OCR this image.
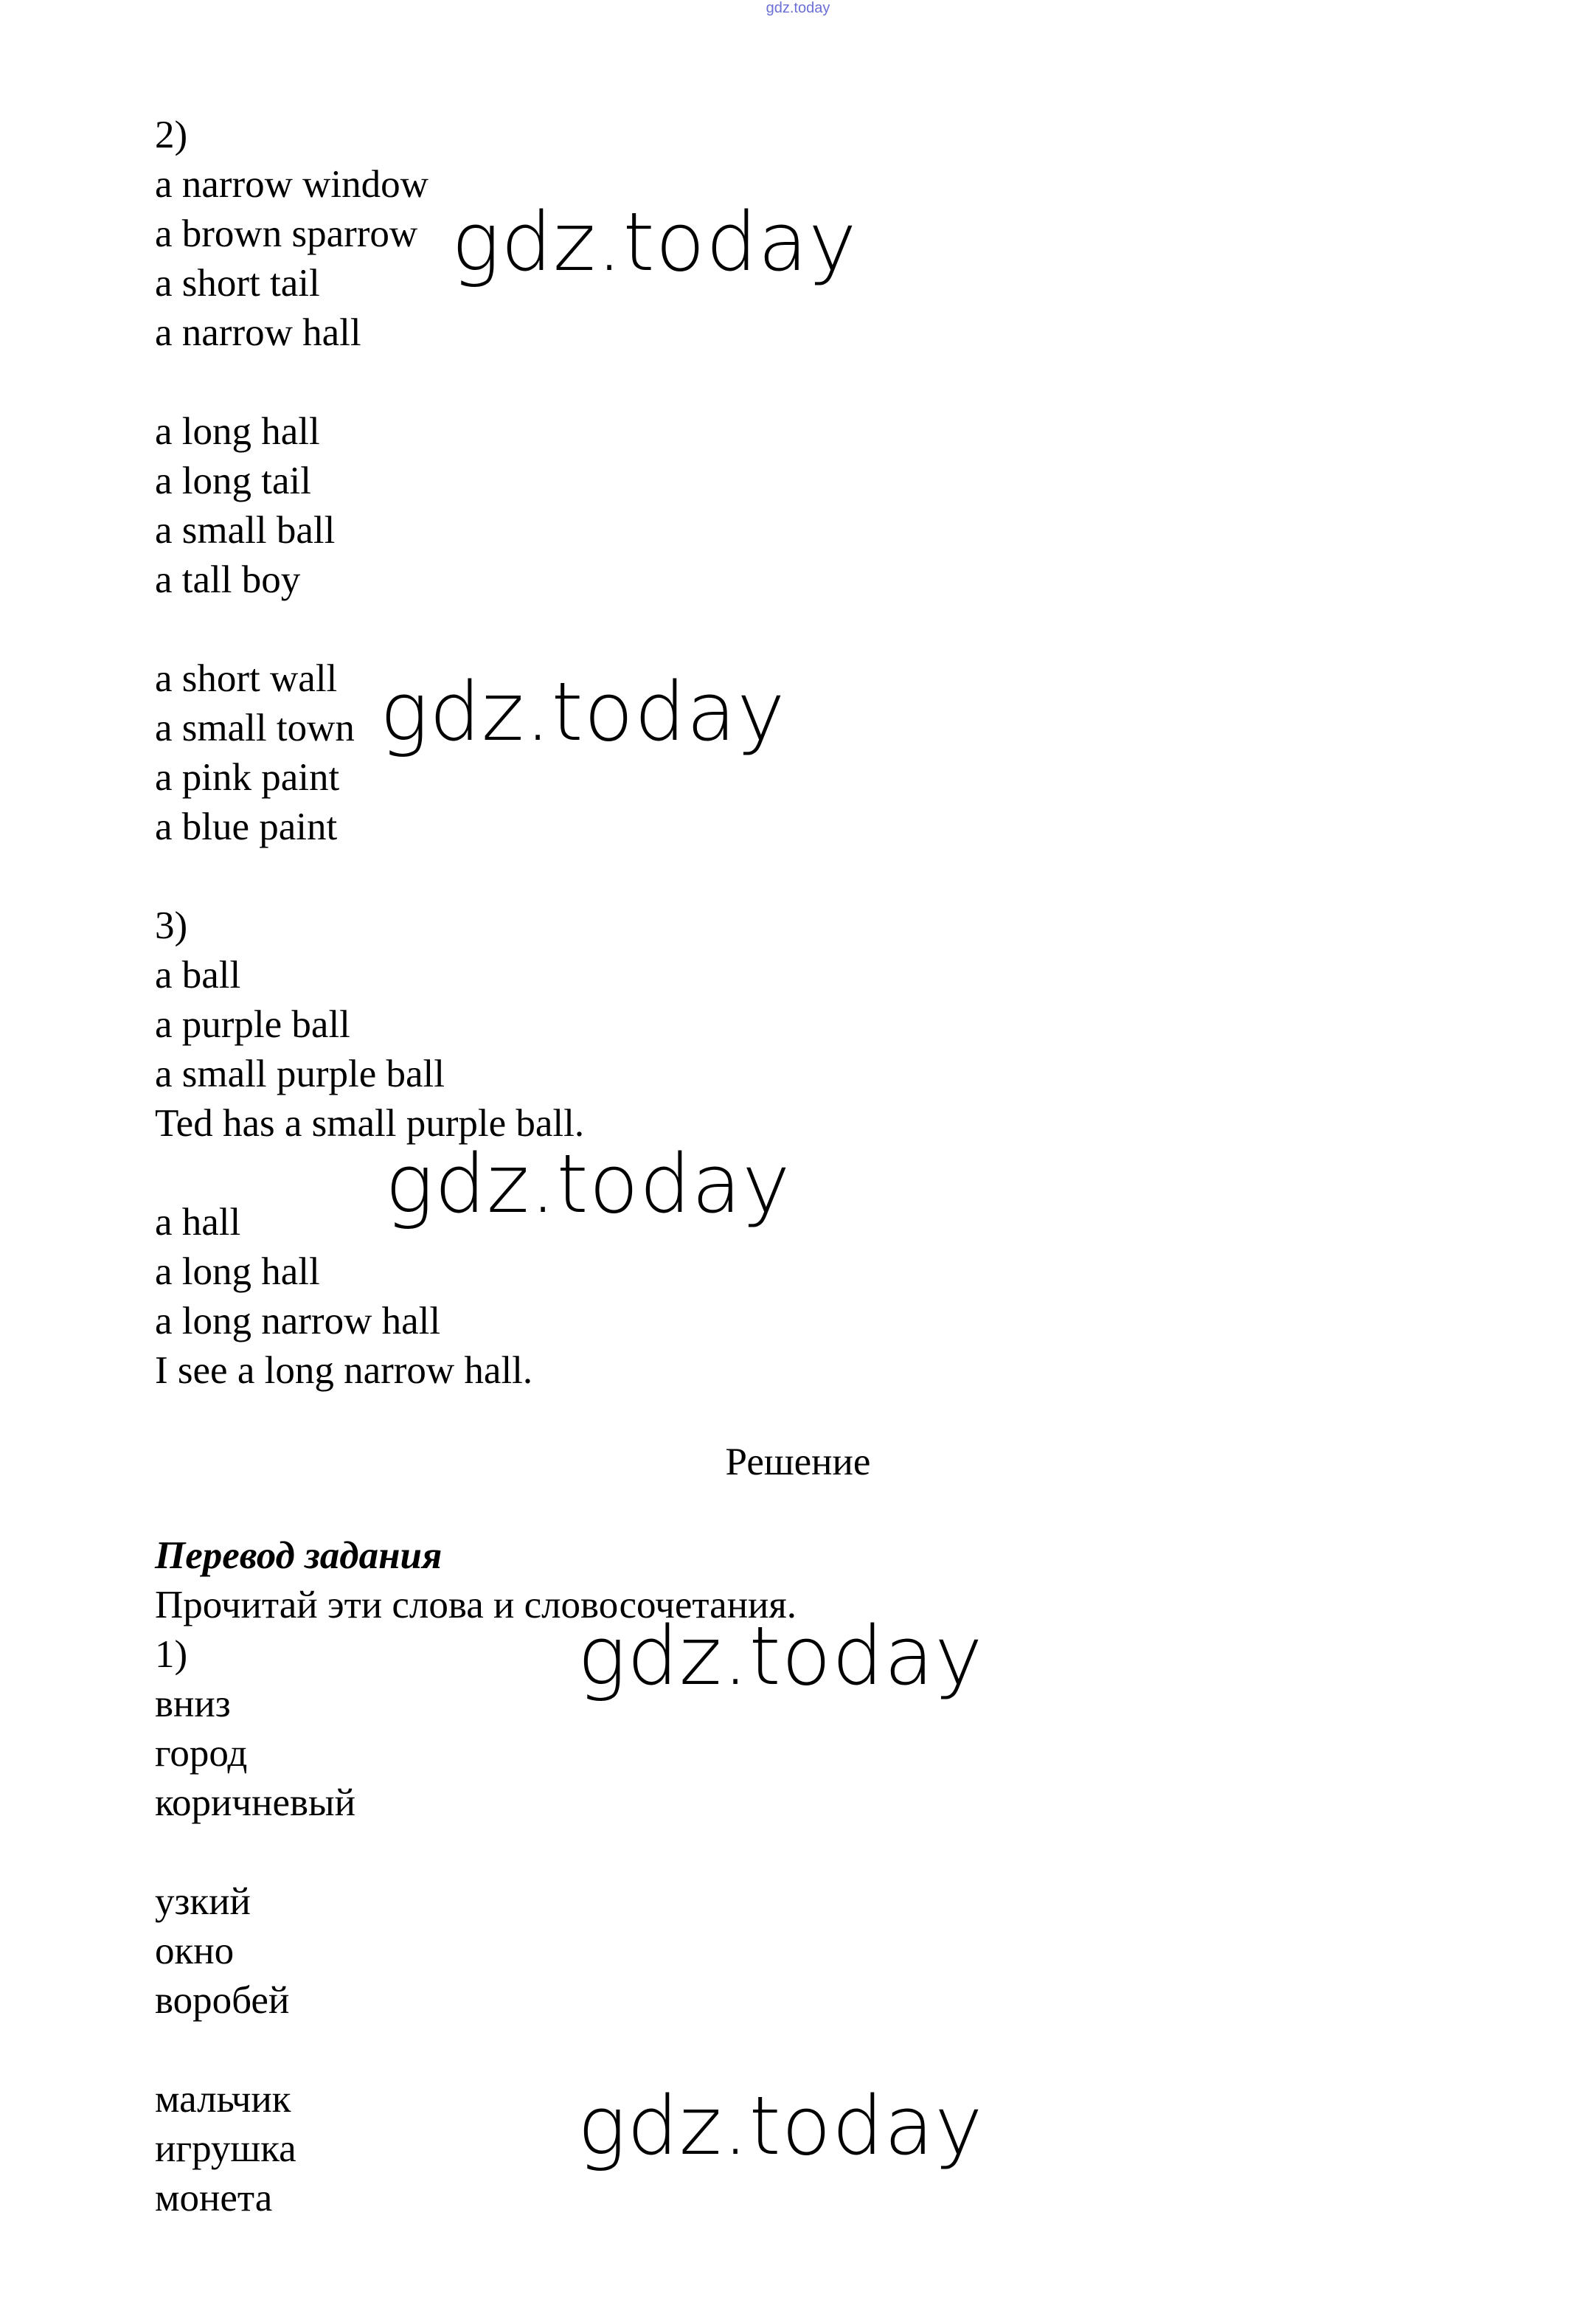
gdz.today
2)
a narrow window
a brown sparrow
a short tail
a narrow hall
a long hall
a long tail
a small ball
a tall boy
a short wall
a small town
a pink paint
a blue paint
3)
a ball
a purple ball
a small purple ball
Ted has a small purple ball.
a hall
a long hall
a long narrow hall
I see a long narrow hall.
Решение
Перевод задания
Прочитай эти слова и словосочетания.
1)
вниз
город
коричневый
узкий
окно
воробей
мальчик
игрушка
монета
gdz.today
gdz.today
gdz.today
gdz.today
gdz.today
